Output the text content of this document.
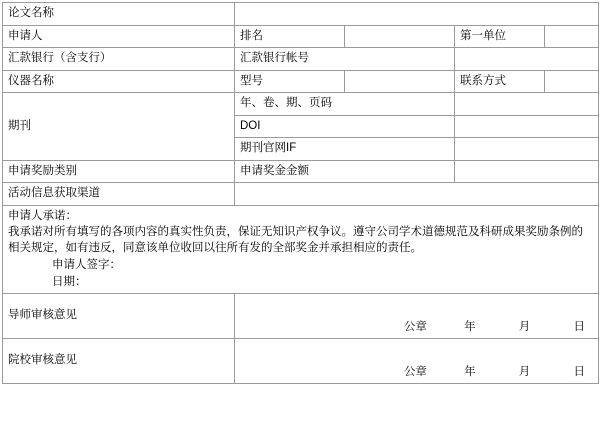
论文名称				
申请人	排名		第一单位	
汇款银行（含支行）	汇款银行帐号			
仪器名称	型号		联系方式	
期刊	年、卷、期、页码			
	DOI			
	期刊官网IF			
申请奖励类别	申请奖金金额			
活动信息获取渠道				

申请人承诺：
我承诺对所有填写的各项内容的真实性负责，保证无知识产权争议。遵守公司学术道德规范及科研成果奖励条例的相关规定，如有违反，同意该单位收回以往所有发的全部奖金并承担相应的责任。
申请人签字：
日期：				

导师审核意见	公章 年 月 日			

院校审核意见	公章 年 月 日			
